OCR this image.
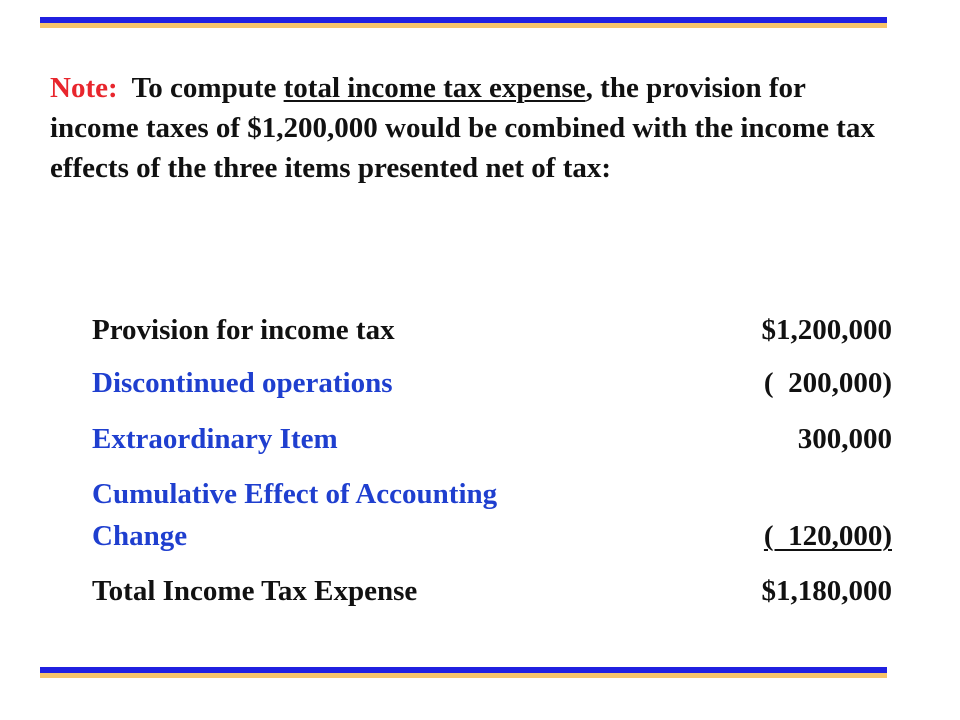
Note:  To compute total income tax expense, the provision for income taxes of $1,200,000 would be combined with the income tax effects of the three items presented net of tax:
Provision for income tax	$1,200,000
Discontinued operations	(  200,000)
Extraordinary Item	300,000
Cumulative Effect of Accounting
Change	(  120,000)
Total Income Tax Expense	$1,180,000
